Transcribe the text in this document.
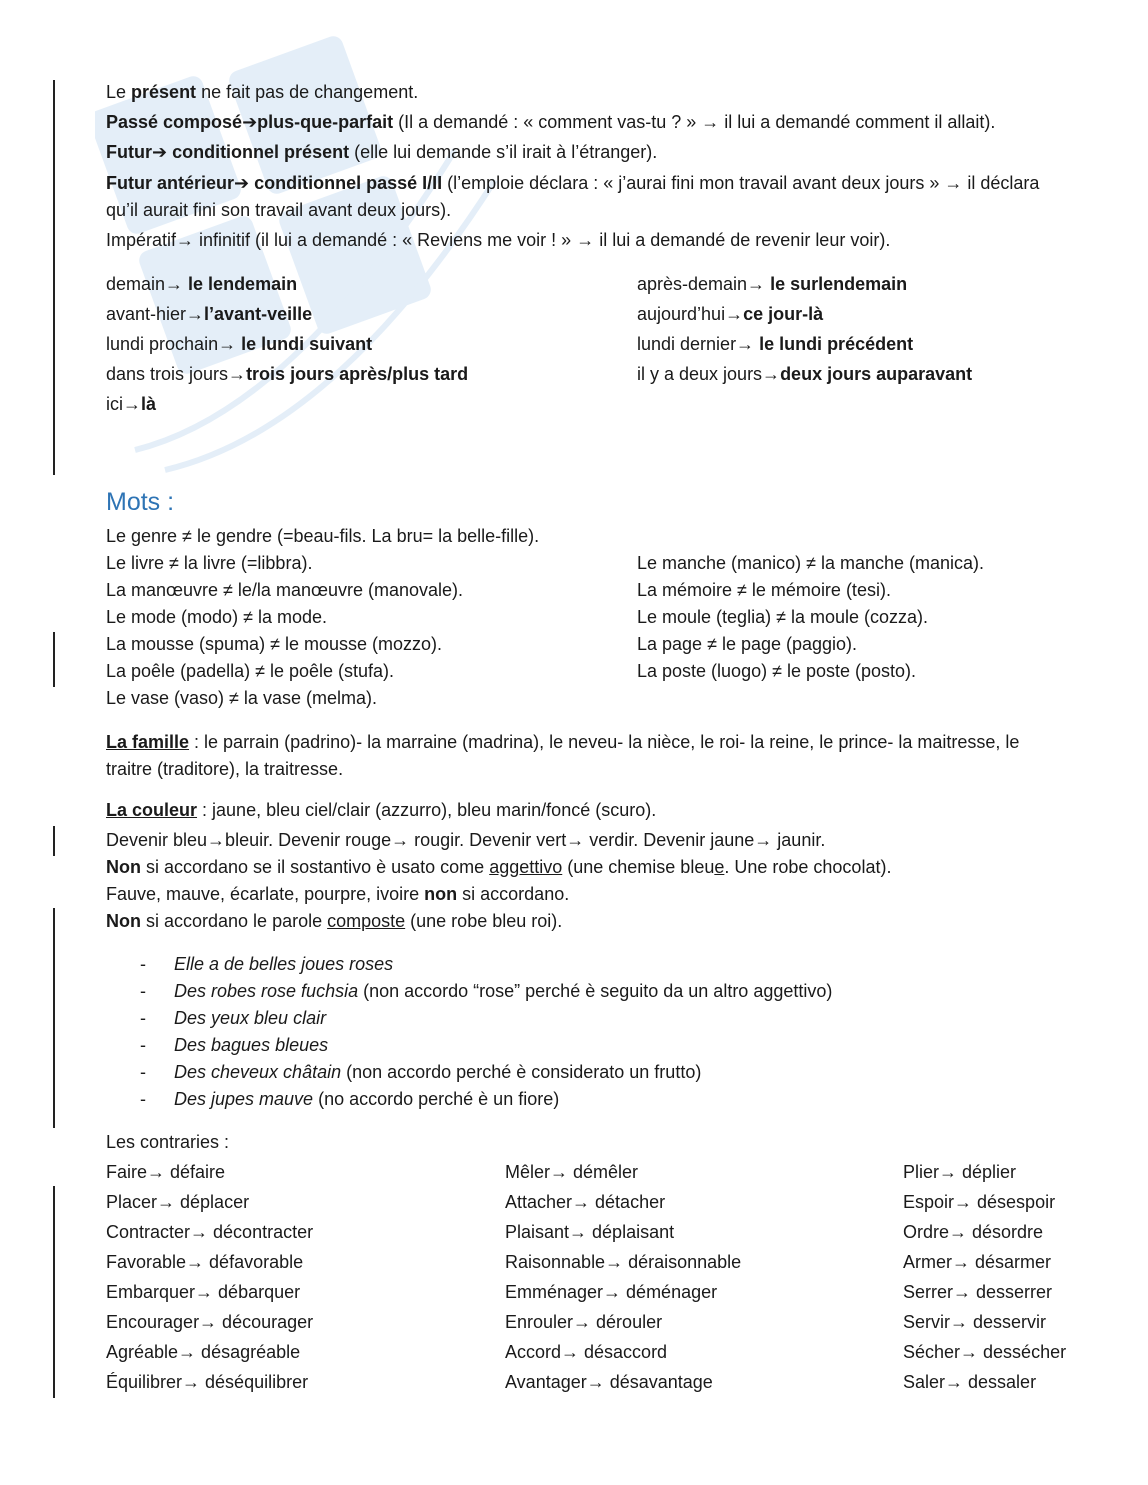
Le présent ne fait pas de changement.
Passé composé➔plus-que-parfait (Il a demandé : « comment vas-tu ? » → il lui a demandé comment il allait).
Futur➔ conditionnel présent (elle lui demande s’il irait à l’étranger).
Futur antérieur➔ conditionnel passé I/II (l’emploie déclara : « j’aurai fini mon travail avant deux jours » → il déclara qu’il aurait fini son travail avant deux jours).
Impératif→ infinitif (il lui a demandé : « Reviens me voir ! » → il lui a demandé de revenir leur voir).
demain→ le lendemain
avant-hier→l’avant-veille
lundi prochain→ le lundi suivant
dans trois jours→trois jours après/plus tard
ici→là
après-demain→ le surlendemain
aujourd’hui→ce jour-là
lundi dernier→ le lundi précédent
il y a deux jours→deux jours auparavant
Mots :
Le genre ≠ le gendre (=beau-fils. La bru= la belle-fille).
Le livre ≠ la livre (=libbra).
La manœuvre ≠ le/la manœuvre (manovale).
Le mode (modo) ≠ la mode.
La mousse (spuma) ≠ le mousse (mozzo).
La poêle (padella) ≠ le poêle (stufa).
Le vase (vaso) ≠ la vase (melma).
Le manche (manico) ≠ la manche (manica).
La mémoire ≠ le mémoire (tesi).
Le moule (teglia) ≠ la moule (cozza).
La page ≠ le page (paggio).
La poste (luogo) ≠ le poste (posto).
La famille : le parrain (padrino)- la marraine (madrina), le neveu- la nièce, le roi- la reine, le prince- la maitresse, le traitre (traditore), la traitresse.
La couleur : jaune, bleu ciel/clair (azzurro), bleu marin/foncé (scuro).
Devenir bleu→bleuir. Devenir rouge→ rougir. Devenir vert→ verdir. Devenir jaune→ jaunir.
Non si accordano se il sostantivo è usato come aggettivo (une chemise bleue. Une robe chocolat).
Fauve, mauve, écarlate, pourpre, ivoire non si accordano.
Non si accordano le parole composte (une robe bleu roi).
- Elle a de belles joues roses
- Des robes rose fuchsia (non accordo “rose” perché è seguito da un altro aggettivo)
- Des yeux bleu clair
- Des bagues bleues
- Des cheveux châtain (non accordo perché è considerato un frutto)
- Des jupes mauve (no accordo perché è un fiore)
Les contraries :
Faire→ défaire
Placer→ déplacer
Contracter→ décontracter
Favorable→ défavorable
Embarquer→ débarquer
Encourager→ décourager
Agréable→ désagréable
Équilibrer→ déséquilibrer
Mêler→ démêler
Attacher→ détacher
Plaisant→ déplaisant
Raisonnable→ déraisonnable
Emménager→ déménager
Enrouler→ dérouler
Accord→ désaccord
Avantager→ désavantage
Plier→ déplier
Espoir→ désespoir
Ordre→ désordre
Armer→ désarmer
Serrer→ desserrer
Servir→ desservir
Sécher→ dessécher
Saler→ dessaler
